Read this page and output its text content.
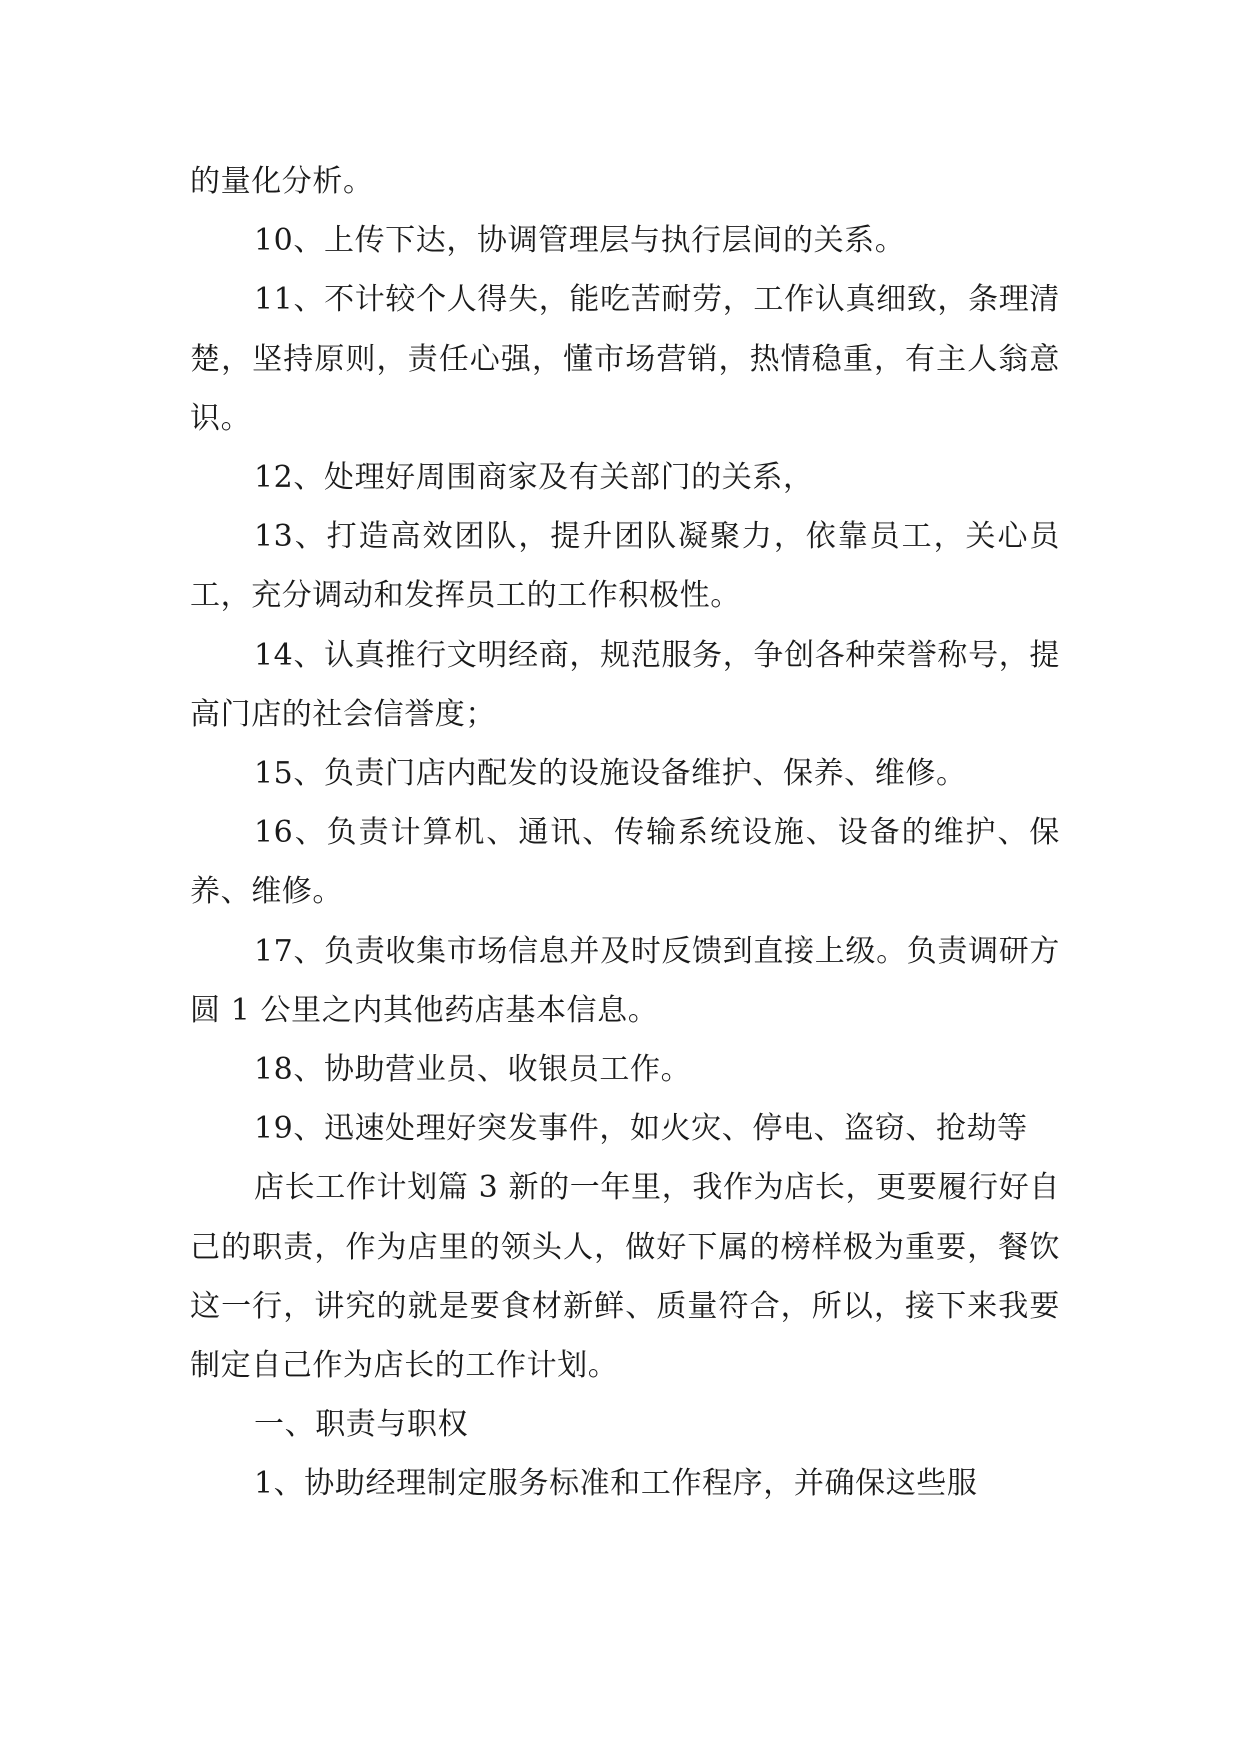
的量化分析。

10、上传下达，协调管理层与执行层间的关系。

11、不计较个人得失，能吃苦耐劳，工作认真细致，条理清楚，坚持原则，责任心强，懂市场营销，热情稳重，有主人翁意识。

12、处理好周围商家及有关部门的关系，

13、打造高效团队，提升团队凝聚力，依靠员工，关心员工，充分调动和发挥员工的工作积极性。

14、认真推行文明经商，规范服务，争创各种荣誉称号，提高门店的社会信誉度；

15、负责门店内配发的设施设备维护、保养、维修。

16、负责计算机、通讯、传输系统设施、设备的维护、保养、维修。

17、负责收集市场信息并及时反馈到直接上级。负责调研方圆 1 公里之内其他药店基本信息。

18、协助营业员、收银员工作。

19、迅速处理好突发事件，如火灾、停电、盗窃、抢劫等

店长工作计划篇 3 新的一年里，我作为店长，更要履行好自己的职责，作为店里的领头人，做好下属的榜样极为重要，餐饮这一行，讲究的就是要食材新鲜、质量符合，所以，接下来我要制定自己作为店长的工作计划。

一、职责与职权

1、协助经理制定服务标准和工作程序，并确保这些服
